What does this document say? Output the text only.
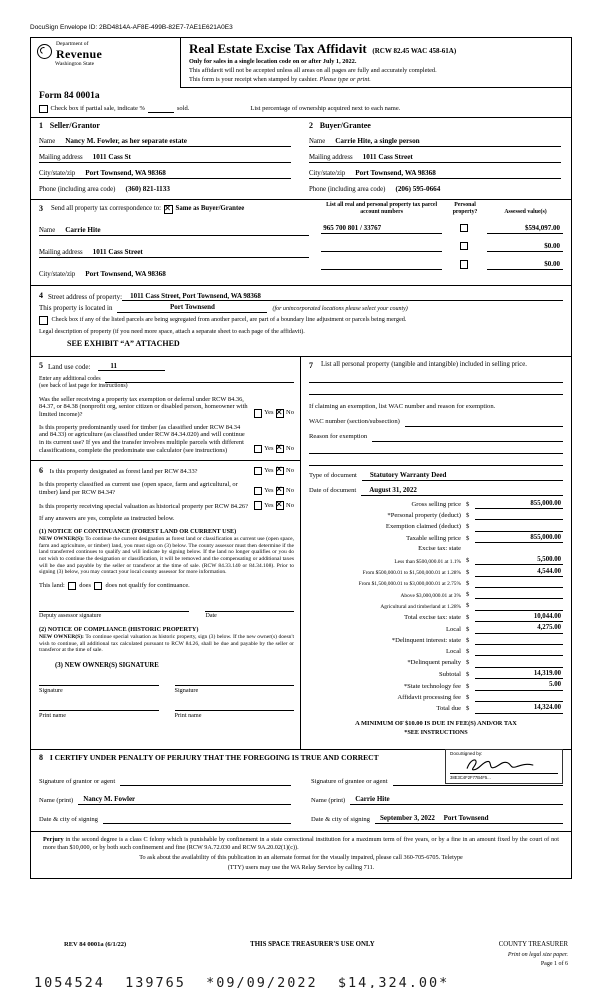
DocuSign Envelope ID: 2BD4814A-AF8E-499B-82E7-7AE1E621A0E3
Department of
Revenue
Washington State
Real Estate Excise Tax Affidavit (RCW 82.45 WAC 458-61A)
Only for sales in a single location code on or after July 1, 2022.
This affidavit will not be accepted unless all areas on all pages are fully and accurately completed.
This form is your receipt when stamped by cashier. Please type or print.
Form 84 0001a
Check box if partial sale, indicate %	sold.	List percentage of ownership acquired next to each name.
1 Seller/Grantor
Name	Nancy M. Fowler, as her separate estate
Mailing address	1011 Cass St
City/state/zip	Port Townsend, WA 98368
Phone (including area code)	(360) 821-1133
2 Buyer/Grantee
Name	Carrie Hite, a single person
Mailing address	1011 Cass Street
City/state/zip	Port Townsend, WA 98368
Phone (including area code)	(206) 595-0664
3 Send all property tax correspondence to: ✕ Same as Buyer/Grantee
Name	Carrie Hite
Mailing address	1011 Cass Street
City/state/zip	Port Townsend, WA 98368
List all real and personal property tax parcel account numbers
Personal property?	Assessed value(s)
965 700 801 / 33767	$594,097.00
$0.00
$0.00
4 Street address of property:	1011 Cass Street, Port Townsend, WA 98368
This property is located in	Port Townsend	(for unincorporated locations please select your county)
Check box if any of the listed parcels are being segregated from another parcel, are part of a boundary line adjustment or parcels being merged.
Legal description of property (if you need more space, attach a separate sheet to each page of the affidavit).
SEE EXHIBIT “A” ATTACHED
5 Land use code:	11
Enter any additional codes
(see back of last page for instructions)
Was the seller receiving a property tax exemption or deferral under RCW 84.36, 84.37, or 84.38 (nonprofit org, senior citizen or disabled person, homeowner with limited income)?	Yes ✕ No
Is this property predominantly used for timber (as classified under RCW 84.34 and 84.33) or agriculture (as classified under RCW 84.34.020) and will continue in its current use? If yes and the transfer involves multiple parcels with different classifications, complete the predominate use calculator (see instructions)	Yes ✕ No
6 Is this property designated as forest land per RCW 84.33?	Yes ✕ No
Is this property classified as current use (open space, farm and agricultural, or timber) land per RCW 84.34?	Yes ✕ No
Is this property receiving special valuation as historical property per RCW 84.26? Yes ✕ No
If any answers are yes, complete as instructed below.
(1) NOTICE OF CONTINUANCE (FOREST LAND OR CURRENT USE)
NEW OWNER(S): To continue the current designation as forest land or classification as current use (open space, farm and agriculture, or timber) land, you must sign on (3) below. The county assessor must then determine if the land transferred continues to qualify and will indicate by signing below. If the land no longer qualifies or you do not wish to continue the designation or classification, it will be removed and the compensating or additional taxes will be due and payable by the seller or transferor at the time of sale. (RCW 84.33.140 or 84.34.108). Prior to signing (3) below, you may contact your local county assessor for more information.
This land: does does not qualify for continuance.
Deputy assessor signature	Date
(2) NOTICE OF COMPLIANCE (HISTORIC PROPERTY)
NEW OWNER(S): To continue special valuation as historic property, sign (3) below. If the new owner(s) doesn't wish to continue, all additional tax calculated pursuant to RCW 84.26, shall be due and payable by the seller or transferor at the time of sale.
(3) NEW OWNER(S) SIGNATURE
Signature	Signature
Print name	Print name
7 List all personal property (tangible and intangible) included in selling price.
If claiming an exemption, list WAC number and reason for exemption.
WAC number (section/subsection)
Reason for exemption
Type of document	Statutory Warranty Deed
Date of document	August 31, 2022
Gross selling price $	855,000.00
*Personal property (deduct) $
Exemption claimed (deduct) $
Taxable selling price $	855,000.00
Excise tax: state
Less than $500,000.01 at 1.1% $	5,500.00
From $500,000.01 to $1,500,000.01 at 1.28% $	4,544.00
From $1,500,000.01 to $3,000,000.01 at 2.75% $
Above $3,000,000.01 at 3% $
Agricultural and timberland at 1.28% $
Total excise tax: state $	10,044.00
Local $	4,275.00
*Delinquent interest: state $
Local $
*Delinquent penalty $
Subtotal $	14,319.00
*State technology fee $	5.00
Affidavit processing fee $
Total due $	14,324.00
A MINIMUM OF $10.00 IS DUE IN FEE(S) AND/OR TAX
*SEE INSTRUCTIONS
8 I CERTIFY UNDER PENALTY OF PERJURY THAT THE FOREGOING IS TRUE AND CORRECT
Signature of grantor or agent
Name (print)	Nancy M. Fowler
Date & city of signing
Signature of grantee or agent
DocuSigned by:
38E3C4F2F77B4F5...
Name (print)	Carrie Hite
Date & city of signing	September 3, 2022 Port Townsend
Perjury in the second degree is a class C felony which is punishable by confinement in a state correctional institution for a maximum term of five years, or by a fine in an amount fixed by the court of not more than $10,000, or by both such confinement and fine (RCW 9A.72.030 and RCW 9A.20.02(1)(c)).
To ask about the availability of this publication in an alternate format for the visually impaired, please call 360-705-6705. Teletype
(TTY) users may use the WA Relay Service by calling 711.
REV 84 0001a (6/1/22)	THIS SPACE TREASURER'S USE ONLY	COUNTY TREASURER
Print on legal size paper.
Page 1 of 6
1054524  139765  *09/09/2022  $14,324.00*
